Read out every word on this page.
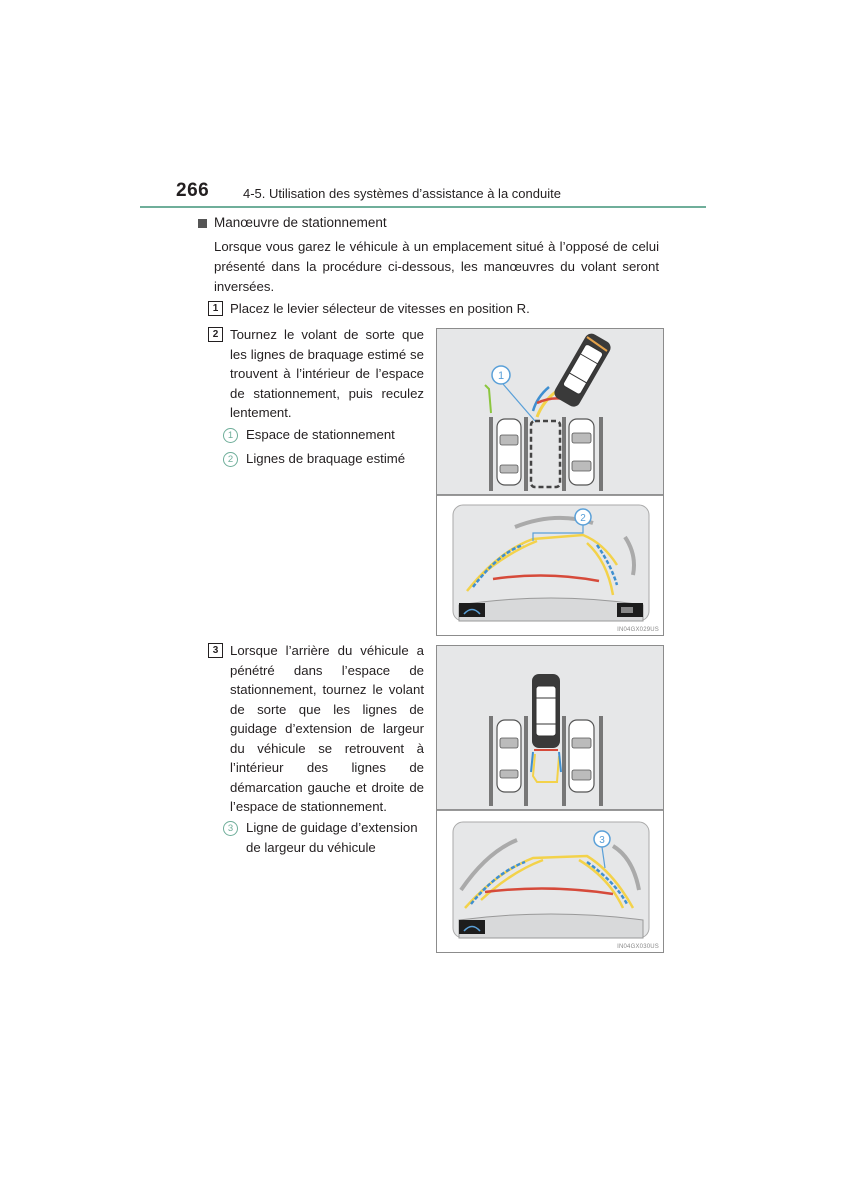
266	4-5. Utilisation des systèmes d’assistance à la conduite
Manœuvre de stationnement
Lorsque vous garez le véhicule à un emplacement situé à l’opposé de celui présenté dans la procédure ci-dessous, les manœuvres du volant seront inversées.
1 Placez le levier sélecteur de vitesses en position R.
2 Tournez le volant de sorte que les lignes de braquage estimé se trouvent à l’intérieur de l’espace de stationnement, puis reculez lentement.
1 Espace de stationnement
2 Lignes de braquage estimé
1
2
IN04GX029US
3 Lorsque l’arrière du véhicule a pénétré dans l’espace de stationnement, tournez le volant de sorte que les lignes de guidage d’extension de largeur du véhicule se retrouvent à l’intérieur des lignes de démarcation gauche et droite de l’espace de stationnement.
3 Ligne de guidage d’extension de largeur du véhicule	3
IN04GX030US
